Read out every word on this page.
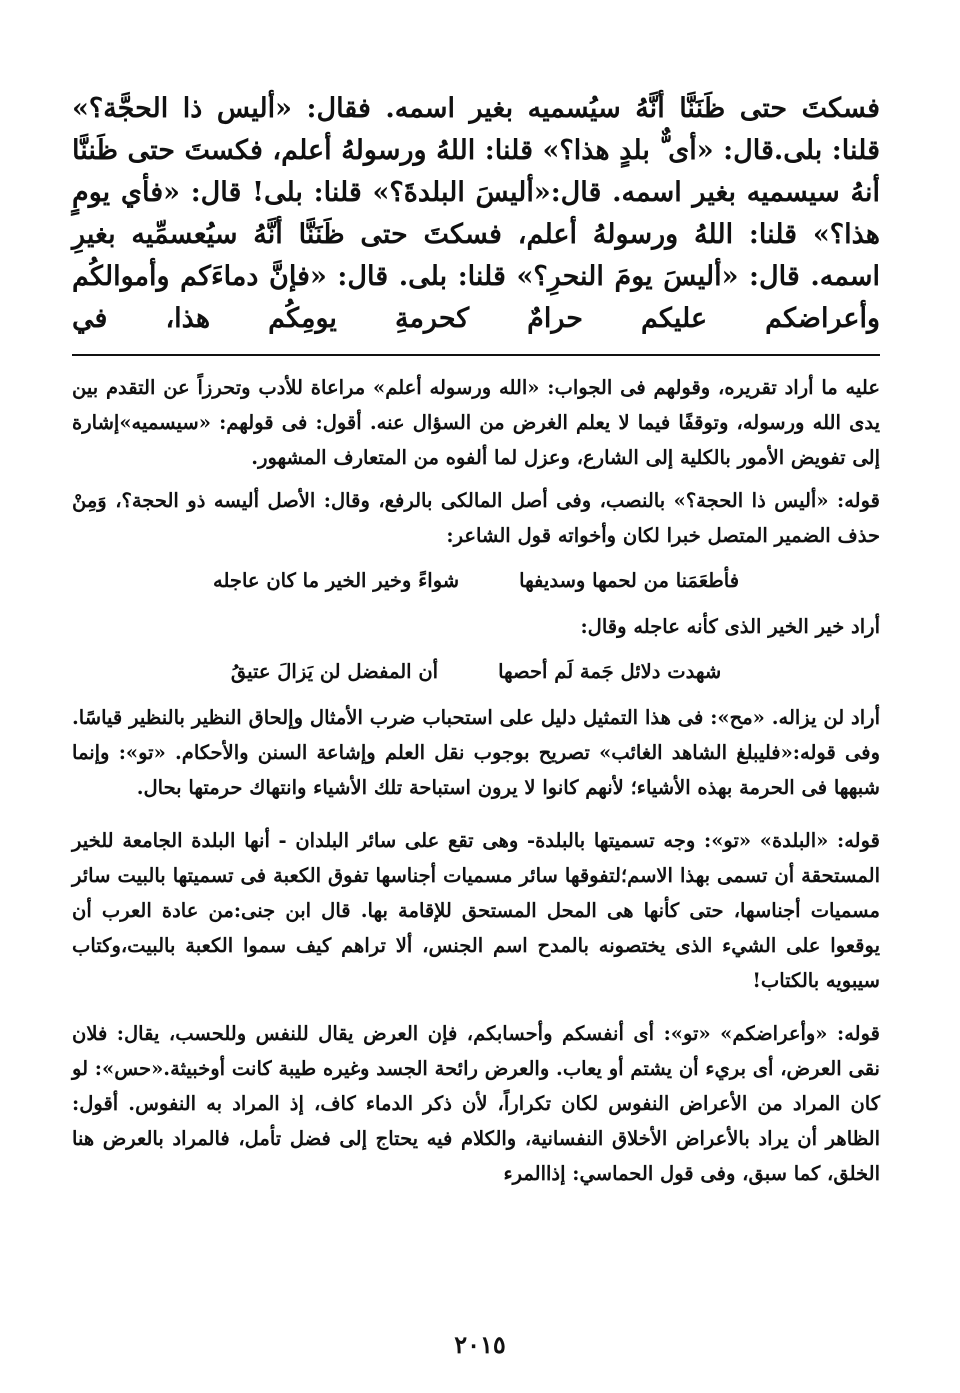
فسكتَ حتى ظَنَنَّا أنَّهُ سيُسميه بغير اسمه. فقال: «أليس ذا الحجَّة؟» قلنا: بلى.قال: «أى ٌّ بلدٍ هذا؟» قلنا: اللهُ ورسولهُ أعلم، فكستَ حتى ظَننَّا أنهُ سيسميه بغير اسمه. قال:«أليسَ البلدةَ؟» قلنا: بلى! قال: «فأي يومٍ هذا؟» قلنا: اللهُ ورسولهُ أعلم، فسكتَ حتى ظَنَنَّا أنَّهُ سيُعسمِّيه بغيرِ اسمه. قال: «أليسَ يومَ النحرِ؟» قلنا: بلى. قال: «فإنَّ دماءَكم وأموالكُم وأعراضكم عليكم حرامٌ كحرمةِ يومِكُم هذا، في

عليه ما أراد تقريره، وقولهم فى الجواب: «الله ورسوله أعلم» مراعاة للأدب وتحرزاً عن التقدم بين يدى الله ورسوله، وتوقفًا فيما لا يعلم الغرض من السؤال عنه. أقول: فى قولهم: «سيسميه»إشارة إلى تفويض الأمور بالكلية إلى الشارع، وعزل لما ألفوه من المتعارف المشهور.

قوله: «أليس ذا الحجة؟» بالنصب، وفى أصل المالكى بالرفع، وقال: الأصل أليسه ذو الحجة؟، وَمِنْ حذف الضمير المتصل خبرا لكان وأخواته قول الشاعر:

فأطعَمَنا من لحمها وسديفها
شواءً وخير الخير ما كان عاجله

أراد خير الخير الذى كأنه عاجله وقال:

شهدت دلائل جَمة لَم أحصها
أن المفضل لن يَزالَ عتيقُ

أراد لن يزاله. «مح»: فى هذا التمثيل دليل على استحباب ضرب الأمثال وإلحاق النظير بالنظير قياسًا. وفى قوله:«فليبلغ الشاهد الغائب» تصريح بوجوب نقل العلم وإشاعة السنن والأحكام. «تو»: وإنما شبهها فى الحرمة بهذه الأشياء؛ لأنهم كانوا لا يرون استباحة تلك الأشياء وانتهاك حرمتها بحال.

قوله: «البلدة» «تو»: وجه تسميتها بالبلدة- وهى تقع على سائر البلدان - أنها البلدة الجامعة للخير المستحقة أن تسمى بهذا الاسم؛لتفوقها سائر مسميات أجناسها تفوق الكعبة فى تسميتها بالبيت سائر مسميات أجناسها، حتى كأنها هى المحل المستحق للإقامة بها. قال ابن جنى:من عادة العرب أن يوقعوا على الشيء الذى يختصونه بالمدح اسم الجنس، ألا تراهم كيف سموا الكعبة بالبيت،وكتاب سيبويه بالكتاب!

قوله: «وأعراضكم» «تو»: أى أنفسكم وأحسابكم، فإن العرض يقال للنفس وللحسب، يقال: فلان نقى العرض، أى بريء أن يشتم أو يعاب. والعرض رائحة الجسد وغيره طيبة كانت أوخبيثة.«حس»: لو كان المراد من الأعراض النفوس لكان تكراراً، لأن ذكر الدماء كاف، إذ المراد به النفوس. أقول: الظاهر أن يراد بالأعراض الأخلاق النفسانية، والكلام فيه يحتاج إلى فضل تأمل، فالمراد بالعرض هنا الخلق، كما سبق، وفى قول الحماسي: إذاالمرء

٢٠١٥
